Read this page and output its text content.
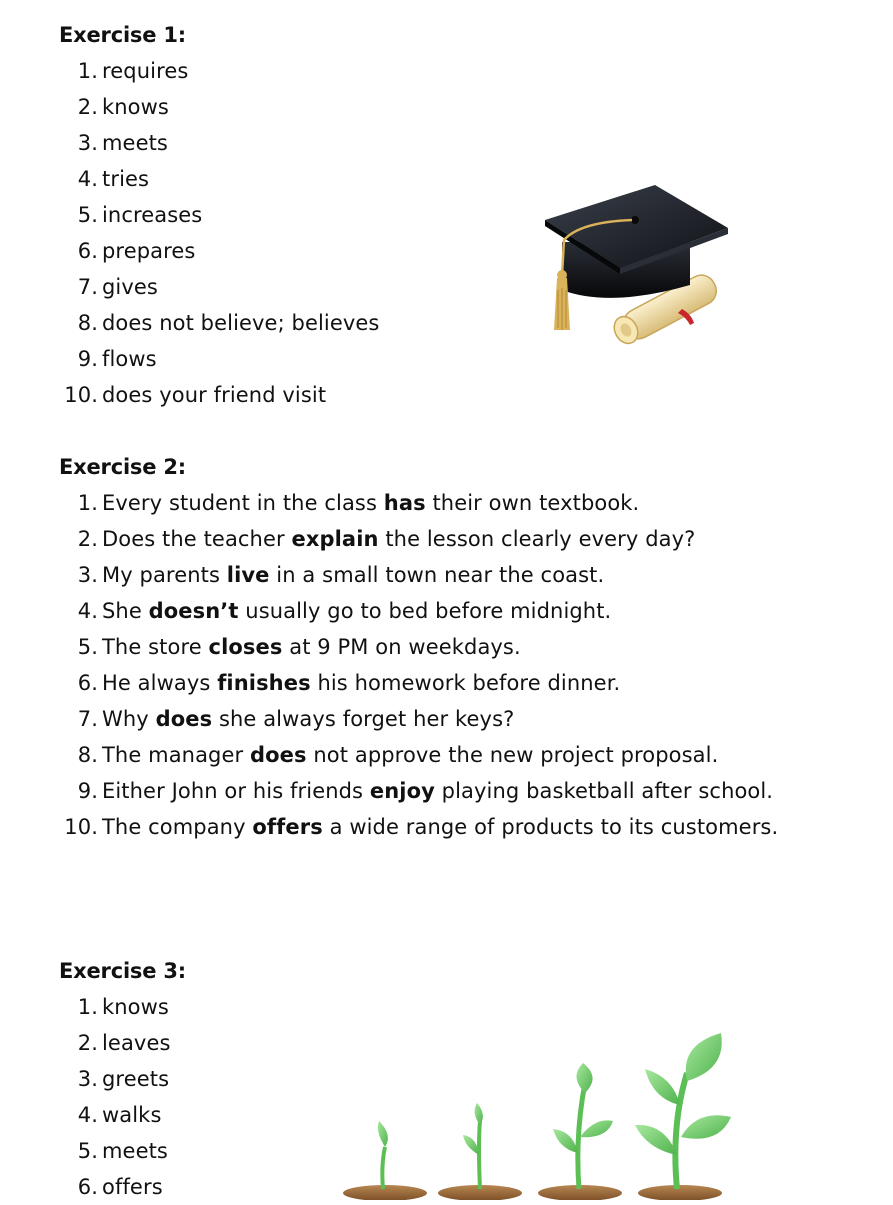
Exercise 1:
1. requires
2. knows
3. meets
4. tries
5. increases
6. prepares
7. gives
8. does not believe; believes
9. flows
10. does your friend visit
Exercise 2:
1. Every student in the class has their own textbook.
2. Does the teacher explain the lesson clearly every day?
3. My parents live in a small town near the coast.
4. She doesn’t usually go to bed before midnight.
5. The store closes at 9 PM on weekdays.
6. He always finishes his homework before dinner.
7. Why does she always forget her keys?
8. The manager does not approve the new project proposal.
9. Either John or his friends enjoy playing basketball after school.
10. The company offers a wide range of products to its customers.
Exercise 3:
1. knows
2. leaves
3. greets
4. walks
5. meets
6. offers
